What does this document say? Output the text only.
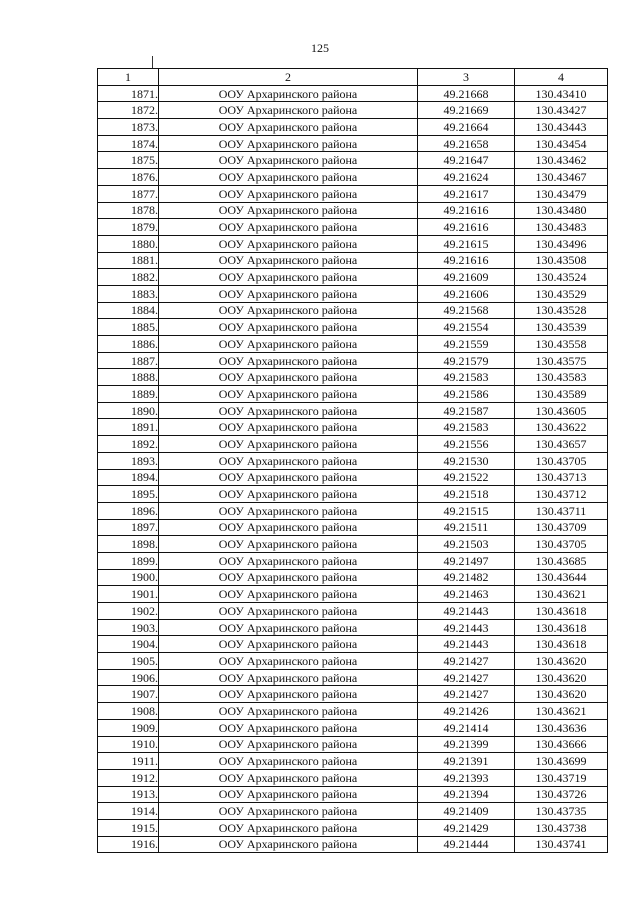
125
1	2	3	4
1871.	ООУ Архаринского района	49.21668	130.43410
1872.	ООУ Архаринского района	49.21669	130.43427
1873.	ООУ Архаринского района	49.21664	130.43443
1874.	ООУ Архаринского района	49.21658	130.43454
1875.	ООУ Архаринского района	49.21647	130.43462
1876.	ООУ Архаринского района	49.21624	130.43467
1877.	ООУ Архаринского района	49.21617	130.43479
1878.	ООУ Архаринского района	49.21616	130.43480
1879.	ООУ Архаринского района	49.21616	130.43483
1880.	ООУ Архаринского района	49.21615	130.43496
1881.	ООУ Архаринского района	49.21616	130.43508
1882.	ООУ Архаринского района	49.21609	130.43524
1883.	ООУ Архаринского района	49.21606	130.43529
1884.	ООУ Архаринского района	49.21568	130.43528
1885.	ООУ Архаринского района	49.21554	130.43539
1886.	ООУ Архаринского района	49.21559	130.43558
1887.	ООУ Архаринского района	49.21579	130.43575
1888.	ООУ Архаринского района	49.21583	130.43583
1889.	ООУ Архаринского района	49.21586	130.43589
1890.	ООУ Архаринского района	49.21587	130.43605
1891.	ООУ Архаринского района	49.21583	130.43622
1892.	ООУ Архаринского района	49.21556	130.43657
1893.	ООУ Архаринского района	49.21530	130.43705
1894.	ООУ Архаринского района	49.21522	130.43713
1895.	ООУ Архаринского района	49.21518	130.43712
1896.	ООУ Архаринского района	49.21515	130.43711
1897.	ООУ Архаринского района	49.21511	130.43709
1898.	ООУ Архаринского района	49.21503	130.43705
1899.	ООУ Архаринского района	49.21497	130.43685
1900.	ООУ Архаринского района	49.21482	130.43644
1901.	ООУ Архаринского района	49.21463	130.43621
1902.	ООУ Архаринского района	49.21443	130.43618
1903.	ООУ Архаринского района	49.21443	130.43618
1904.	ООУ Архаринского района	49.21443	130.43618
1905.	ООУ Архаринского района	49.21427	130.43620
1906.	ООУ Архаринского района	49.21427	130.43620
1907.	ООУ Архаринского района	49.21427	130.43620
1908.	ООУ Архаринского района	49.21426	130.43621
1909.	ООУ Архаринского района	49.21414	130.43636
1910.	ООУ Архаринского района	49.21399	130.43666
1911.	ООУ Архаринского района	49.21391	130.43699
1912.	ООУ Архаринского района	49.21393	130.43719
1913.	ООУ Архаринского района	49.21394	130.43726
1914.	ООУ Архаринского района	49.21409	130.43735
1915.	ООУ Архаринского района	49.21429	130.43738
1916.	ООУ Архаринского района	49.21444	130.43741
